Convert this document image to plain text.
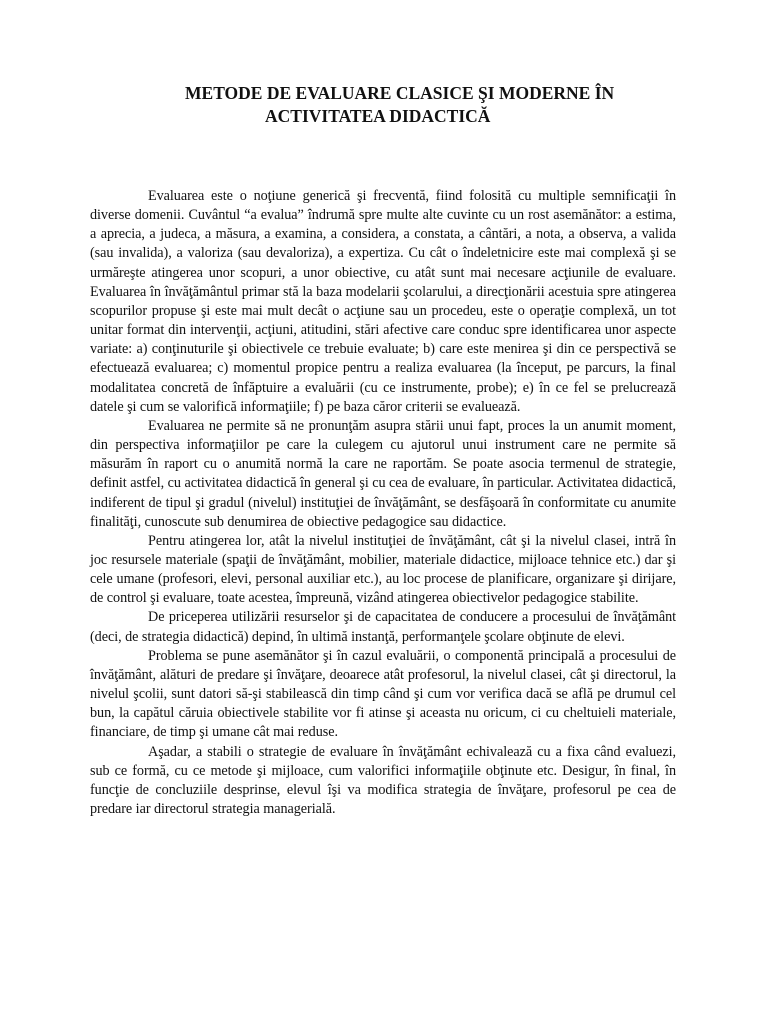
METODE DE EVALUARE CLASICE ŞI MODERNE ÎN
ACTIVITATEA DIDACTICĂ

Evaluarea este o noţiune generică şi frecventă, fiind folosită cu multiple semnificaţii în diverse domenii. Cuvântul “a evalua” îndrumă spre multe alte cuvinte cu un rost asemănător: a estima, a aprecia, a judeca, a măsura, a examina, a considera, a constata, a cântări, a nota, a observa, a valida (sau invalida), a valoriza (sau devaloriza), a expertiza. Cu cât o îndeletnicire este mai complexă şi se urmăreşte atingerea unor scopuri, a unor obiective, cu atât sunt mai necesare acţiunile de evaluare. Evaluarea în învăţământul primar stă la baza modelarii şcolarului, a direcţionării acestuia spre atingerea scopurilor propuse şi este mai mult decât o acţiune sau un procedeu, este o operaţie complexă, un tot unitar format din intervenţii, acţiuni, atitudini, stări afective care conduc spre identificarea unor aspecte variate: a) conţinuturile şi obiectivele ce trebuie evaluate; b) care este menirea şi din ce perspectivă se efectuează evaluarea; c) momentul propice pentru a realiza evaluarea (la început, pe parcurs, la final modalitatea concretă de înfăptuire a evaluării (cu ce instrumente, probe); e) în ce fel se prelucrează datele şi cum se valorifică informaţiile; f) pe baza căror criterii se evaluează.

Evaluarea ne permite să ne pronunţăm asupra stării unui fapt, proces la un anumit moment, din perspectiva informaţiilor pe care la culegem cu ajutorul unui instrument care ne permite să măsurăm în raport cu o anumită normă la care ne raportăm. Se poate asocia termenul de strategie, definit astfel, cu activitatea didactică în general şi cu cea de evaluare, în particular. Activitatea didactică, indiferent de tipul şi gradul (nivelul) instituţiei de învăţământ, se desfăşoară în conformitate cu anumite finalităţi, cunoscute sub denumirea de obiective pedagogice sau didactice.

Pentru atingerea lor, atât la nivelul instituţiei de învăţământ, cât şi la nivelul clasei, intră în joc resursele materiale (spaţii de învăţământ, mobilier, materiale didactice, mijloace tehnice etc.) dar şi cele umane (profesori, elevi, personal auxiliar etc.), au loc procese de planificare, organizare şi dirijare, de control şi evaluare, toate acestea, împreună, vizând atingerea obiectivelor pedagogice stabilite.

De priceperea utilizării resurselor şi de capacitatea de conducere a procesului de învăţământ (deci, de strategia didactică) depind, în ultimă instanţă, performanţele şcolare obţinute de elevi.

Problema se pune asemănător şi în cazul evaluării, o componentă principală a procesului de învăţământ, alături de predare şi învăţare, deoarece atât profesorul, la nivelul clasei, cât şi directorul, la nivelul şcolii, sunt datori să-şi stabilească din timp când şi cum vor verifica dacă se află pe drumul cel bun, la capătul căruia obiectivele stabilite vor fi atinse şi aceasta nu oricum, ci cu cheltuieli materiale, financiare, de timp şi umane cât mai reduse.

Aşadar, a stabili o strategie de evaluare în învăţământ echivalează cu a fixa când evaluezi, sub ce formă, cu ce metode şi mijloace, cum valorifici informaţiile obţinute etc. Desigur, în final, în funcţie de concluziile desprinse, elevul îşi va modifica strategia de învăţare, profesorul pe cea de predare iar directorul strategia managerială.
